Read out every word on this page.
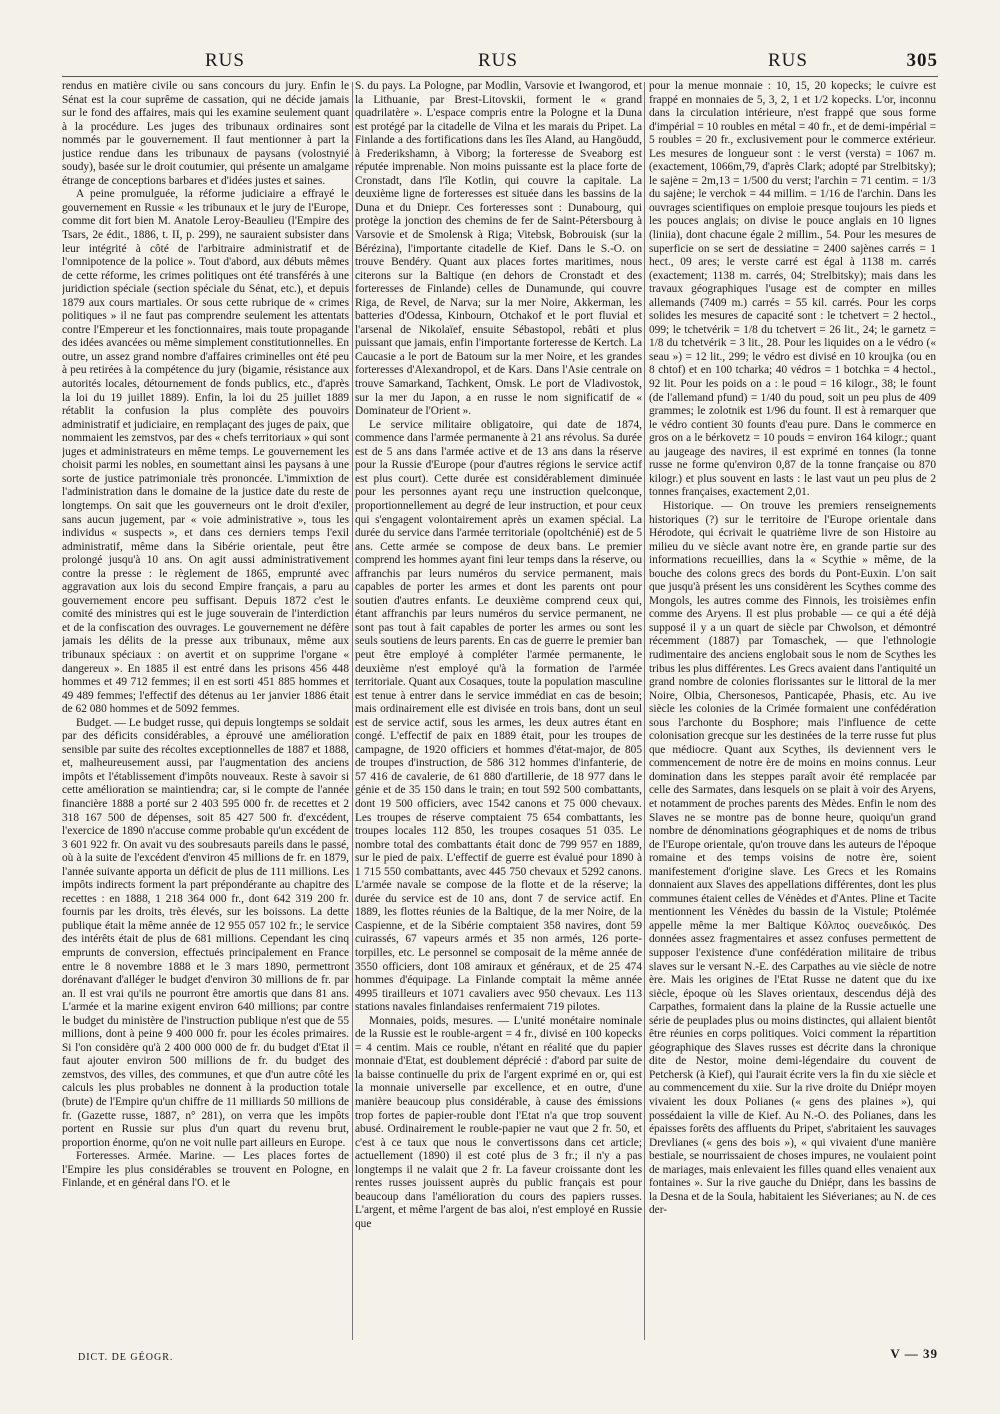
RUS	RUS	RUS	305

rendus en matière civile ou sans concours du jury. Enfin le Sénat est la cour suprême de cassation, qui ne décide jamais sur le fond des affaires, mais qui les examine seulement quant à la procédure. Les juges des tribunaux ordinaires sont nommés par le gouvernement. Il faut mentionner à part la justice rendue dans les tribunaux de paysans (volostnyié soudy), basée sur le droit coutumier, qui présente un amalgame étrange de conceptions barbares et d'idées justes et saines.

A peine promulguée, la réforme judiciaire a effrayé le gouvernement en Russie « les tribunaux et le jury de l'Europe, comme dit fort bien M. Anatole Leroy-Beaulieu (l'Empire des Tsars, 2e édit., 1886, t. II, p. 299), ne sauraient subsister dans leur intégrité à côté de l'arbitraire administratif et de l'omnipotence de la police ». Tout d'abord, aux débuts mêmes de cette réforme, les crimes politiques ont été transférés à une juridiction spéciale (section spéciale du Sénat, etc.), et depuis 1879 aux cours martiales. Or sous cette rubrique de « crimes politiques » il ne faut pas comprendre seulement les attentats contre l'Empereur et les fonctionnaires, mais toute propagande des idées avancées ou même simplement constitutionnelles. En outre, un assez grand nombre d'affaires criminelles ont été peu à peu retirées à la compétence du jury (bigamie, résistance aux autorités locales, détournement de fonds publics, etc., d'après la loi du 19 juillet 1889). Enfin, la loi du 25 juillet 1889 rétablit la confusion la plus complète des pouvoirs administratif et judiciaire, en remplaçant des juges de paix, que nommaient les zemstvos, par des « chefs territoriaux » qui sont juges et administrateurs en même temps. Le gouvernement les choisit parmi les nobles, en soumettant ainsi les paysans à une sorte de justice patrimoniale très prononcée. L'immixtion de l'administration dans le domaine de la justice date du reste de longtemps. On sait que les gouverneurs ont le droit d'exiler, sans aucun jugement, par « voie administrative », tous les individus « suspects », et dans ces derniers temps l'exil administratif, même dans la Sibérie orientale, peut être prolongé jusqu'à 10 ans. On agit aussi administrativement contre la presse : le règlement de 1865, emprunté avec aggravation aux lois du second Empire français, a paru au gouvernement encore peu suffisant. Depuis 1872 c'est le comité des ministres qui est le juge souverain de l'interdiction et de la confiscation des ouvrages. Le gouvernement ne défère jamais les délits de la presse aux tribunaux, même aux tribunaux spéciaux : on avertit et on supprime l'organe « dangereux ». En 1885 il est entré dans les prisons 456 448 hommes et 49 712 femmes; il en est sorti 451 885 hommes et 49 489 femmes; l'effectif des détenus au 1er janvier 1886 était de 62 080 hommes et de 5092 femmes.

Budget. — Le budget russe, qui depuis longtemps se soldait par des déficits considérables, a éprouvé une amélioration sensible par suite des récoltes exceptionnelles de 1887 et 1888, et, malheureusement aussi, par l'augmentation des anciens impôts et l'établissement d'impôts nouveaux. Reste à savoir si cette amélioration se maintiendra; car, si le compte de l'année financière 1888 a porté sur 2 403 595 000 fr. de recettes et 2 318 167 500 de dépenses, soit 85 427 500 fr. d'excédent, l'exercice de 1890 n'accuse comme probable qu'un excédent de 3 601 922 fr. On avait vu des soubresauts pareils dans le passé, où à la suite de l'excédent d'environ 45 millions de fr. en 1879, l'année suivante apporta un déficit de plus de 111 millions. Les impôts indirects forment la part prépondérante au chapitre des recettes : en 1888, 1 218 364 000 fr., dont 642 319 200 fr. fournis par les droits, très élevés, sur les boissons. La dette publique était la même année de 12 955 057 102 fr.; le service des intérêts était de plus de 681 millions. Cependant les cinq emprunts de conversion, effectués principalement en France entre le 8 novembre 1888 et le 3 mars 1890, permettront dorénavant d'alléger le budget d'environ 30 millions de fr. par an. Il est vrai qu'ils ne pourront être amortis que dans 81 ans. L'armée et la marine exigent environ 640 millions; par contre le budget du ministère de l'instruction publique n'est que de 55 millions, dont à peine 9 400 000 fr. pour les écoles primaires. Si l'on considère qu'à 2 400 000 000 de fr. du budget d'Etat il faut ajouter environ 500 millions de fr. du budget des zemstvos, des villes, des communes, et que d'un autre côté les calculs les plus probables ne donnent à la production totale (brute) de l'Empire qu'un chiffre de 11 milliards 50 millions de fr. (Gazette russe, 1887, n° 281), on verra que les impôts portent en Russie sur plus d'un quart du revenu brut, proportion énorme, qu'on ne voit nulle part ailleurs en Europe.

Forteresses. Armée. Marine. — Les places fortes de l'Empire les plus considérables se trouvent en Pologne, en Finlande, et en général dans l'O. et le

S. du pays. La Pologne, par Modlin, Varsovie et Iwangorod, et la Lithuanie, par Brest-Litovskii, forment le « grand quadrilatère ». L'espace compris entre la Pologne et la Duna est protégé par la citadelle de Vilna et les marais du Pripet. La Finlande a des fortifications dans les îles Aland, au Hangöudd, à Frederikshamn, à Viborg; la forteresse de Sveaborg est réputée imprenable. Non moins puissante est la place forte de Cronstadt, dans l'île Kotlin, qui couvre la capitale. La deuxième ligne de forteresses est située dans les bassins de la Duna et du Dniepr. Ces forteresses sont : Dunabourg, qui protège la jonction des chemins de fer de Saint-Pétersbourg à Varsovie et de Smolensk à Riga; Vitebsk, Bobrouisk (sur la Bérézina), l'importante citadelle de Kief. Dans le S.-O. on trouve Bendéry. Quant aux places fortes maritimes, nous citerons sur la Baltique (en dehors de Cronstadt et des forteresses de Finlande) celles de Dunamunde, qui couvre Riga, de Revel, de Narva; sur la mer Noire, Akkerman, les batteries d'Odessa, Kinbourn, Otchakof et le port fluvial et l'arsenal de Nikolaïef, ensuite Sébastopol, rebâti et plus puissant que jamais, enfin l'importante forteresse de Kertch. La Caucasie a le port de Batoum sur la mer Noire, et les grandes forteresses d'Alexandropol, et de Kars. Dans l'Asie centrale on trouve Samarkand, Tachkent, Omsk. Le port de Vladivostok, sur la mer du Japon, a en russe le nom significatif de « Dominateur de l'Orient ».

Le service militaire obligatoire, qui date de 1874, commence dans l'armée permanente à 21 ans révolus. Sa durée est de 5 ans dans l'armée active et de 13 ans dans la réserve pour la Russie d'Europe (pour d'autres régions le service actif est plus court). Cette durée est considérablement diminuée pour les personnes ayant reçu une instruction quelconque, proportionnellement au degré de leur instruction, et pour ceux qui s'engagent volontairement après un examen spécial. La durée du service dans l'armée territoriale (opoltchénié) est de 5 ans. Cette armée se compose de deux bans. Le premier comprend les hommes ayant fini leur temps dans la réserve, ou affranchis par leurs numéros du service permanent, mais capables de porter les armes et dont les parents ont pour soutien d'autres enfants. Le deuxième comprend ceux qui, étant affranchis par leurs numéros du service permanent, ne sont pas tout à fait capables de porter les armes ou sont les seuls soutiens de leurs parents. En cas de guerre le premier ban peut être employé à compléter l'armée permanente, le deuxième n'est employé qu'à la formation de l'armée territoriale. Quant aux Cosaques, toute la population masculine est tenue à entrer dans le service immédiat en cas de besoin; mais ordinairement elle est divisée en trois bans, dont un seul est de service actif, sous les armes, les deux autres étant en congé. L'effectif de paix en 1889 était, pour les troupes de campagne, de 1920 officiers et hommes d'état-major, de 805 de troupes d'instruction, de 586 312 hommes d'infanterie, de 57 416 de cavalerie, de 61 880 d'artillerie, de 18 977 dans le génie et de 35 150 dans le train; en tout 592 500 combattants, dont 19 500 officiers, avec 1542 canons et 75 000 chevaux. Les troupes de réserve comptaient 75 654 combattants, les troupes locales 112 850, les troupes cosaques 51 035. Le nombre total des combattants était donc de 799 957 en 1889, sur le pied de paix. L'effectif de guerre est évalué pour 1890 à 1 715 550 combattants, avec 445 750 chevaux et 5292 canons. L'armée navale se compose de la flotte et de la réserve; la durée du service est de 10 ans, dont 7 de service actif. En 1889, les flottes réunies de la Baltique, de la mer Noire, de la Caspienne, et de la Sibérie comptaient 358 navires, dont 59 cuirassés, 67 vapeurs armés et 35 non armés, 126 porte-torpilles, etc. Le personnel se composait de la même année de 3550 officiers, dont 108 amiraux et généraux, et de 25 474 hommes d'équipage. La Finlande comptait la même année 4995 tirailleurs et 1071 cavaliers avec 950 chevaux. Les 113 stations navales finlandaises renfermaient 719 pilotes.

Monnaies, poids, mesures. — L'unité monétaire nominale de la Russie est le rouble-argent = 4 fr., divisé en 100 kopecks = 4 centim. Mais ce rouble, n'étant en réalité que du papier monnaie d'Etat, est doublement déprécié : d'abord par suite de la baisse continuelle du prix de l'argent exprimé en or, qui est la monnaie universelle par excellence, et en outre, d'une manière beaucoup plus considérable, à cause des émissions trop fortes de papier-rouble dont l'Etat n'a que trop souvent abusé. Ordinairement le rouble-papier ne vaut que 2 fr. 50, et c'est à ce taux que nous le convertissons dans cet article; actuellement (1890) il est coté plus de 3 fr.; il n'y a pas longtemps il ne valait que 2 fr. La faveur croissante dont les rentes russes jouissent auprès du public français est pour beaucoup dans l'amélioration du cours des papiers russes. L'argent, et même l'argent de bas aloi, n'est employé en Russie que

pour la menue monnaie : 10, 15, 20 kopecks; le cuivre est frappé en monnaies de 5, 3, 2, 1 et 1/2 kopecks. L'or, inconnu dans la circulation intérieure, n'est frappé que sous forme d'impérial = 10 roubles en métal = 40 fr., et de demi-impérial = 5 roubles = 20 fr., exclusivement pour le commerce extérieur. Les mesures de longueur sont : le verst (versta) = 1067 m. (exactement, 1066m,79, d'après Clark; adopté par Strelbitsky); le sajène = 2m,13 = 1/500 du verst; l'archin = 71 centim. = 1/3 du sajène; le verchok = 44 millim. = 1/16 de l'archin. Dans les ouvrages scientifiques on emploie presque toujours les pieds et les pouces anglais; on divise le pouce anglais en 10 lignes (liniia), dont chacune égale 2 millim., 54. Pour les mesures de superficie on se sert de dessiatine = 2400 sajènes carrés = 1 hect., 09 ares; le verste carré est égal à 1138 m. carrés (exactement; 1138 m. carrés, 04; Strelbitsky); mais dans les travaux géographiques l'usage est de compter en milles allemands (7409 m.) carrés = 55 kil. carrés. Pour les corps solides les mesures de capacité sont : le tchetvert = 2 hectol., 099; le tchetvérik = 1/8 du tchetvert = 26 lit., 24; le garnetz = 1/8 du tchetvérik = 3 lit., 28. Pour les liquides on a le védro (« seau ») = 12 lit., 299; le védro est divisé en 10 kroujka (ou en 8 chtof) et en 100 tcharka; 40 védros = 1 botchka = 4 hectol., 92 lit. Pour les poids on a : le poud = 16 kilogr., 38; le fount (de l'allemand pfund) = 1/40 du poud, soit un peu plus de 409 grammes; le zolotnik est 1/96 du fount. Il est à remarquer que le védro contient 30 founts d'eau pure. Dans le commerce en gros on a le bérkovetz = 10 pouds = environ 164 kilogr.; quant au jaugeage des navires, il est exprimé en tonnes (la tonne russe ne forme qu'environ 0,87 de la tonne française ou 870 kilogr.) et plus souvent en lasts : le last vaut un peu plus de 2 tonnes françaises, exactement 2,01.

Historique. — On trouve les premiers renseignements historiques (?) sur le territoire de l'Europe orientale dans Hérodote, qui écrivait le quatrième livre de son Histoire au milieu du ve siècle avant notre ère, en grande partie sur des informations recueillies, dans la « Scythie » même, de la bouche des colons grecs des bords du Pont-Euxin. L'on sait que jusqu'à présent les uns considèrent les Scythes comme des Mongols, les autres comme des Finnois, les troisièmes enfin comme des Aryens. Il est plus probable — ce qui a été déjà supposé il y a un quart de siècle par Chwolson, et démontré récemment (1887) par Tomaschek, — que l'ethnologie rudimentaire des anciens englobait sous le nom de Scythes les tribus les plus différentes. Les Grecs avaient dans l'antiquité un grand nombre de colonies florissantes sur le littoral de la mer Noire, Olbia, Chersonesos, Panticapée, Phasis, etc. Au ive siècle les colonies de la Crimée formaient une confédération sous l'archonte du Bosphore; mais l'influence de cette colonisation grecque sur les destinées de la terre russe fut plus que médiocre. Quant aux Scythes, ils deviennent vers le commencement de notre ère de moins en moins connus. Leur domination dans les steppes paraît avoir été remplacée par celle des Sarmates, dans lesquels on se plait à voir des Aryens, et notamment de proches parents des Mèdes. Enfin le nom des Slaves ne se montre pas de bonne heure, quoiqu'un grand nombre de dénominations géographiques et de noms de tribus de l'Europe orientale, qu'on trouve dans les auteurs de l'époque romaine et des temps voisins de notre ère, soient manifestement d'origine slave. Les Grecs et les Romains donnaient aux Slaves des appellations différentes, dont les plus communes étaient celles de Vénèdes et d'Antes. Pline et Tacite mentionnent les Vénèdes du bassin de la Vistule; Ptolémée appelle même la mer Baltique Κόλπος ουενεδικός. Des données assez fragmentaires et assez confuses permettent de supposer l'existence d'une confédération militaire de tribus slaves sur le versant N.-E. des Carpathes au vie siècle de notre ère. Mais les origines de l'Etat Russe ne datent que du ixe siècle, époque où les Slaves orientaux, descendus déjà des Carpathes, formaient dans la plaine de la Russie actuelle une série de peuplades plus ou moins distinctes, qui allaient bientôt être réunies en corps politiques. Voici comment la répartition géographique des Slaves russes est décrite dans la chronique dite de Nestor, moine demi-légendaire du couvent de Petchersk (à Kief), qui l'aurait écrite vers la fin du xie siècle et au commencement du xiie. Sur la rive droite du Dniépr moyen vivaient les doux Polianes (« gens des plaines »), qui possédaient la ville de Kief. Au N.-O. des Polianes, dans les épaisses forêts des affluents du Pripet, s'abritaient les sauvages Drevlianes (« gens des bois »), « qui vivaient d'une manière bestiale, se nourrissaient de choses impures, ne voulaient point de mariages, mais enlevaient les filles quand elles venaient aux fontaines ». Sur la rive gauche du Dniépr, dans les bassins de la Desna et de la Soula, habitaient les Siéverianes; au N. de ces der-

DICT. DE GÉOGR.	V — 39
